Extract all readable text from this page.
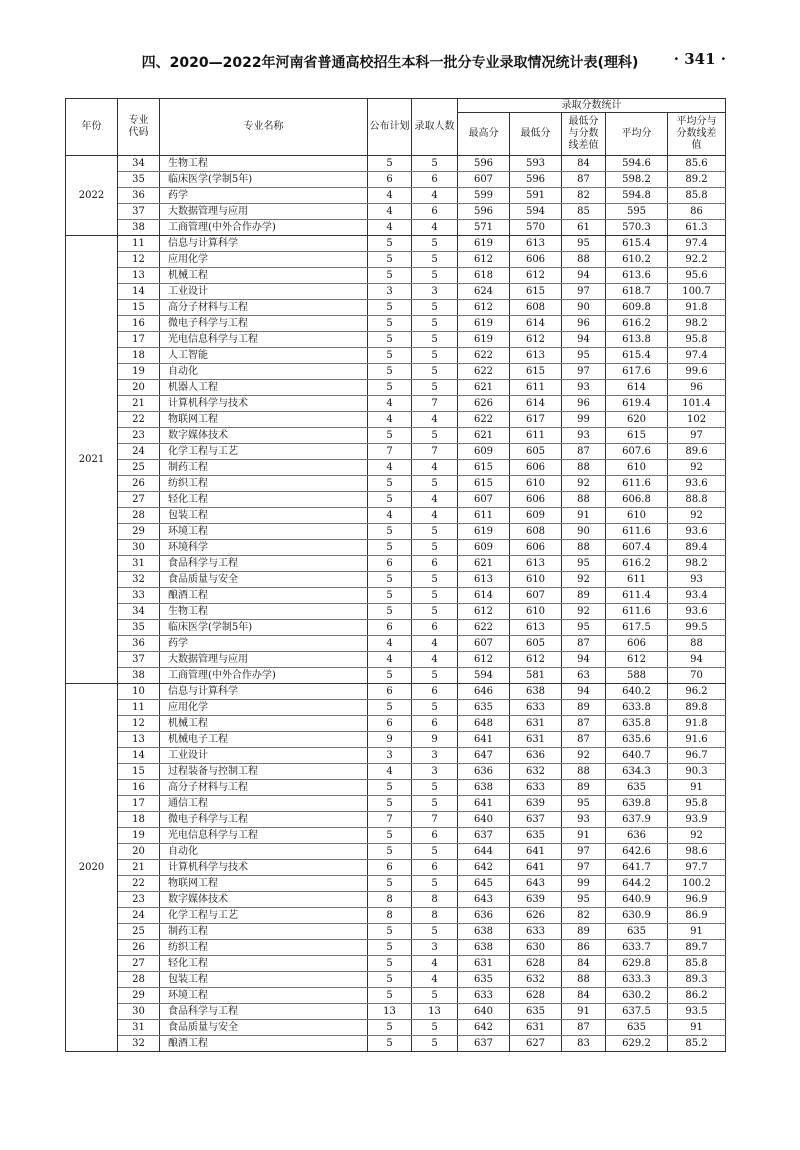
四、2020—2022年河南省普通高校招生本科一批分专业录取情况统计表(理科)	· 341 ·
年份	专业代码	专业名称	公布计划	录取人数	录取分数统计				
					最高分	最低分	最低分与分数线差值	平均分	平均分与分数线差值
2022	34	生物工程	5	5	596	593	84	594.6	85.6
	35	临床医学(学制5年)	6	6	607	596	87	598.2	89.2
	36	药学	4	4	599	591	82	594.8	85.8
	37	大数据管理与应用	4	6	596	594	85	595	86
	38	工商管理(中外合作办学)	4	4	571	570	61	570.3	61.3
2021	11	信息与计算科学	5	5	619	613	95	615.4	97.4
	12	应用化学	5	5	612	606	88	610.2	92.2
	13	机械工程	5	5	618	612	94	613.6	95.6
	14	工业设计	3	3	624	615	97	618.7	100.7
	15	高分子材料与工程	5	5	612	608	90	609.8	91.8
	16	微电子科学与工程	5	5	619	614	96	616.2	98.2
	17	光电信息科学与工程	5	5	619	612	94	613.8	95.8
	18	人工智能	5	5	622	613	95	615.4	97.4
	19	自动化	5	5	622	615	97	617.6	99.6
	20	机器人工程	5	5	621	611	93	614	96
	21	计算机科学与技术	4	7	626	614	96	619.4	101.4
	22	物联网工程	4	4	622	617	99	620	102
	23	数字媒体技术	5	5	621	611	93	615	97
	24	化学工程与工艺	7	7	609	605	87	607.6	89.6
	25	制药工程	4	4	615	606	88	610	92
	26	纺织工程	5	5	615	610	92	611.6	93.6
	27	轻化工程	5	4	607	606	88	606.8	88.8
	28	包装工程	4	4	611	609	91	610	92
	29	环境工程	5	5	619	608	90	611.6	93.6
	30	环境科学	5	5	609	606	88	607.4	89.4
	31	食品科学与工程	6	6	621	613	95	616.2	98.2
	32	食品质量与安全	5	5	613	610	92	611	93
	33	酿酒工程	5	5	614	607	89	611.4	93.4
	34	生物工程	5	5	612	610	92	611.6	93.6
	35	临床医学(学制5年)	6	6	622	613	95	617.5	99.5
	36	药学	4	4	607	605	87	606	88
	37	大数据管理与应用	4	4	612	612	94	612	94
	38	工商管理(中外合作办学)	5	5	594	581	63	588	70
2020	10	信息与计算科学	6	6	646	638	94	640.2	96.2
	11	应用化学	5	5	635	633	89	633.8	89.8
	12	机械工程	6	6	648	631	87	635.8	91.8
	13	机械电子工程	9	9	641	631	87	635.6	91.6
	14	工业设计	3	3	647	636	92	640.7	96.7
	15	过程装备与控制工程	4	3	636	632	88	634.3	90.3
	16	高分子材料与工程	5	5	638	633	89	635	91
	17	通信工程	5	5	641	639	95	639.8	95.8
	18	微电子科学与工程	7	7	640	637	93	637.9	93.9
	19	光电信息科学与工程	5	6	637	635	91	636	92
	20	自动化	5	5	644	641	97	642.6	98.6
	21	计算机科学与技术	6	6	642	641	97	641.7	97.7
	22	物联网工程	5	5	645	643	99	644.2	100.2
	23	数字媒体技术	8	8	643	639	95	640.9	96.9
	24	化学工程与工艺	8	8	636	626	82	630.9	86.9
	25	制药工程	5	5	638	633	89	635	91
	26	纺织工程	5	3	638	630	86	633.7	89.7
	27	轻化工程	5	4	631	628	84	629.8	85.8
	28	包装工程	5	4	635	632	88	633.3	89.3
	29	环境工程	5	5	633	628	84	630.2	86.2
	30	食品科学与工程	13	13	640	635	91	637.5	93.5
	31	食品质量与安全	5	5	642	631	87	635	91
	32	酿酒工程	5	5	637	627	83	629.2	85.2
